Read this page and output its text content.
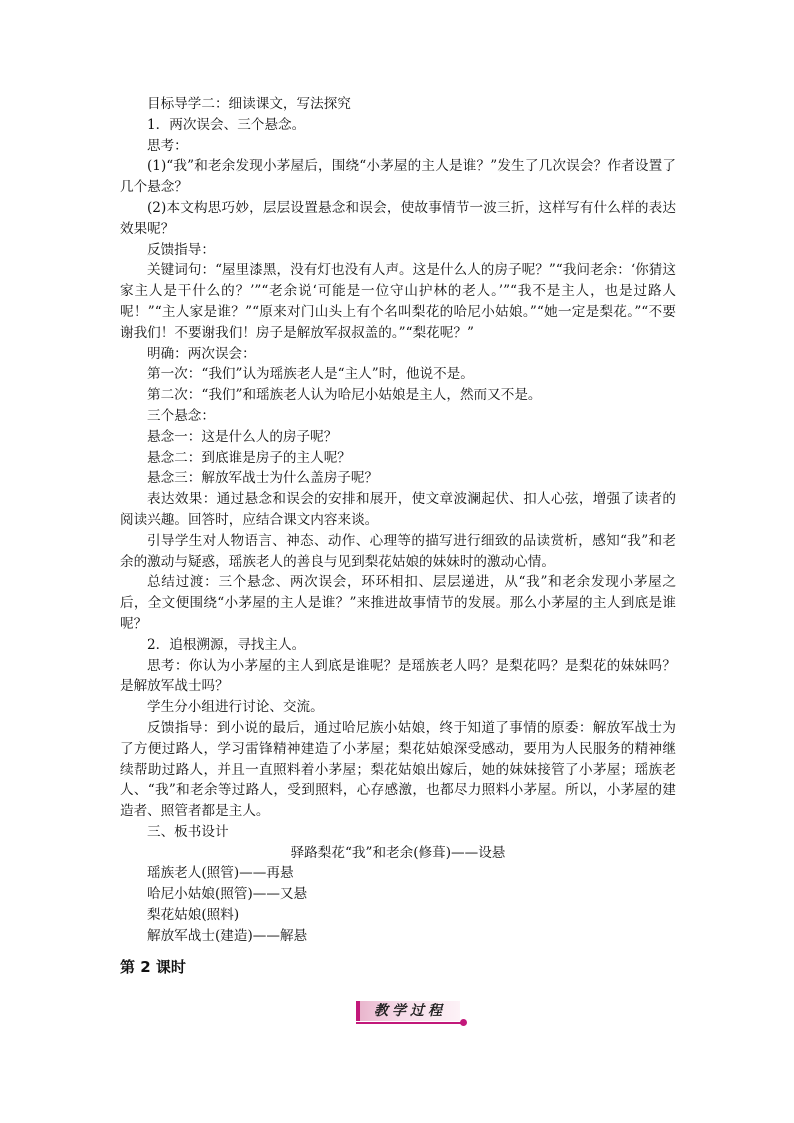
目标导学二：细读课文，写法探究

1．两次误会、三个悬念。

思考：

(1)“我”和老余发现小茅屋后，围绕“小茅屋的主人是谁？”发生了几次误会？作者设置了几个悬念？

(2)本文构思巧妙，层层设置悬念和误会，使故事情节一波三折，这样写有什么样的表达效果呢？

反馈指导：

关键词句：“屋里漆黑，没有灯也没有人声。这是什么人的房子呢？”“我问老余：‘你猜这家主人是干什么的？’”“老余说‘可能是一位守山护林的老人。’”“我不是主人，也是过路人呢！”“主人家是谁？”“原来对门山头上有个名叫梨花的哈尼小姑娘。”“她一定是梨花。”“不要谢我们！不要谢我们！房子是解放军叔叔盖的。”“梨花呢？”

明确：两次误会：

第一次：“我们”认为瑶族老人是“主人”时，他说不是。

第二次：“我们”和瑶族老人认为哈尼小姑娘是主人，然而又不是。

三个悬念：

悬念一：这是什么人的房子呢？

悬念二：到底谁是房子的主人呢？

悬念三：解放军战士为什么盖房子呢？

表达效果：通过悬念和误会的安排和展开，使文章波澜起伏、扣人心弦，增强了读者的阅读兴趣。回答时，应结合课文内容来谈。

引导学生对人物语言、神态、动作、心理等的描写进行细致的品读赏析，感知“我”和老余的激动与疑惑，瑶族老人的善良与见到梨花姑娘的妹妹时的激动心情。

总结过渡：三个悬念、两次误会，环环相扣、层层递进，从“我”和老余发现小茅屋之后，全文便围绕“小茅屋的主人是谁？”来推进故事情节的发展。那么小茅屋的主人到底是谁呢？

2．追根溯源，寻找主人。

思考：你认为小茅屋的主人到底是谁呢？是瑶族老人吗？是梨花吗？是梨花的妹妹吗？是解放军战士吗？

学生分小组进行讨论、交流。

反馈指导：到小说的最后，通过哈尼族小姑娘，终于知道了事情的原委：解放军战士为了方便过路人，学习雷锋精神建造了小茅屋；梨花姑娘深受感动，要用为人民服务的精神继续帮助过路人，并且一直照料着小茅屋；梨花姑娘出嫁后，她的妹妹接管了小茅屋；瑶族老人、“我”和老余等过路人，受到照料，心存感激，也都尽力照料小茅屋。所以，小茅屋的建造者、照管者都是主人。

三、板书设计

驿路梨花“我”和老余(修葺)——设悬

瑶族老人(照管)——再悬

哈尼小姑娘(照管)——又悬

梨花姑娘(照料)

解放军战士(建造)——解悬

第 2 课时

教学过程
